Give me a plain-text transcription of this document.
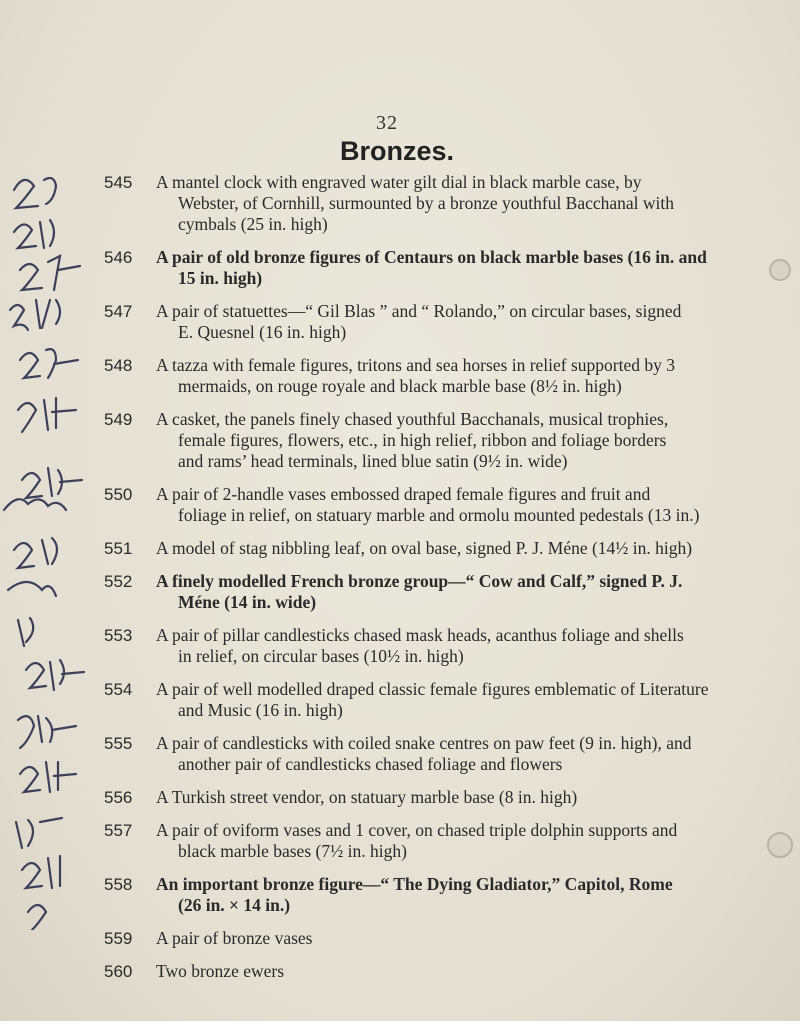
32
Bronzes.
545	A mantel clock with engraved water gilt dial in black marble case, by
Webster, of Cornhill, surmounted by a bronze youthful Bacchanal with
cymbals (25 in. high)
546	A pair of old bronze figures of Centaurs on black marble bases (16 in. and
15 in. high)
547	A pair of statuettes—“ Gil Blas ” and “ Rolando,” on circular bases, signed
E. Quesnel (16 in. high)
548	A tazza with female figures, tritons and sea horses in relief supported by 3
mermaids, on rouge royale and black marble base (8½ in. high)
549	A casket, the panels finely chased youthful Bacchanals, musical trophies,
female figures, flowers, etc., in high relief, ribbon and foliage borders
and rams’ head terminals, lined blue satin (9½ in. wide)
550	A pair of 2-handle vases embossed draped female figures and fruit and
foliage in relief, on statuary marble and ormolu mounted pedestals (13 in.)
551	A model of stag nibbling leaf, on oval base, signed P. J. Méne (14½ in. high)
552	A finely modelled French bronze group—“ Cow and Calf,” signed P. J.
Méne (14 in. wide)
553	A pair of pillar candlesticks chased mask heads, acanthus foliage and shells
in relief, on circular bases (10½ in. high)
554	A pair of well modelled draped classic female figures emblematic of Literature
and Music (16 in. high)
555	A pair of candlesticks with coiled snake centres on paw feet (9 in. high), and
another pair of candlesticks chased foliage and flowers
556	A Turkish street vendor, on statuary marble base (8 in. high)
557	A pair of oviform vases and 1 cover, on chased triple dolphin supports and
black marble bases (7½ in. high)
558	An important bronze figure—“ The Dying Gladiator,” Capitol, Rome
(26 in. × 14 in.)
559	A pair of bronze vases
560	Two bronze ewers
